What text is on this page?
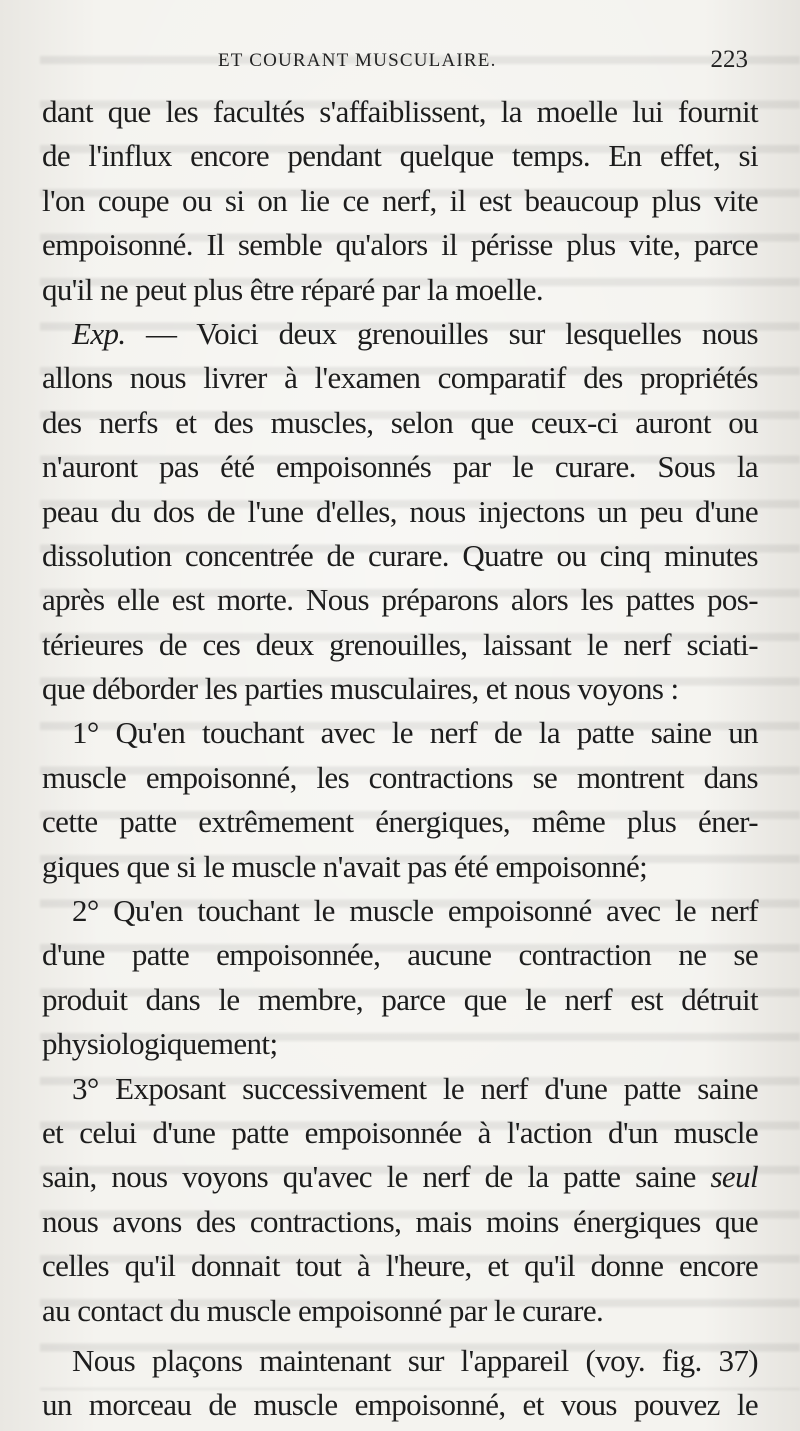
ET COURANT MUSCULAIRE.	223
dant que les facultés s'affaiblissent, la moelle lui fournit
de l'influx encore pendant quelque temps. En effet, si
l'on coupe ou si on lie ce nerf, il est beaucoup plus vite
empoisonné. Il semble qu'alors il périsse plus vite, parce
qu'il ne peut plus être réparé par la moelle.
Exp. — Voici deux grenouilles sur lesquelles nous
allons nous livrer à l'examen comparatif des propriétés
des nerfs et des muscles, selon que ceux-ci auront ou
n'auront pas été empoisonnés par le curare. Sous la
peau du dos de l'une d'elles, nous injectons un peu d'une
dissolution concentrée de curare. Quatre ou cinq minutes
après elle est morte. Nous préparons alors les pattes pos-
térieures de ces deux grenouilles, laissant le nerf sciati-
que déborder les parties musculaires, et nous voyons :
1° Qu'en touchant avec le nerf de la patte saine un
muscle empoisonné, les contractions se montrent dans
cette patte extrêmement énergiques, même plus éner-
giques que si le muscle n'avait pas été empoisonné;
2° Qu'en touchant le muscle empoisonné avec le nerf
d'une patte empoisonnée, aucune contraction ne se
produit dans le membre, parce que le nerf est détruit
physiologiquement;
3° Exposant successivement le nerf d'une patte saine
et celui d'une patte empoisonnée à l'action d'un muscle
sain, nous voyons qu'avec le nerf de la patte saine seul
nous avons des contractions, mais moins énergiques que
celles qu'il donnait tout à l'heure, et qu'il donne encore
au contact du muscle empoisonné par le curare.
Nous plaçons maintenant sur l'appareil (voy. fig. 37)
un morceau de muscle empoisonné, et vous pouvez le
